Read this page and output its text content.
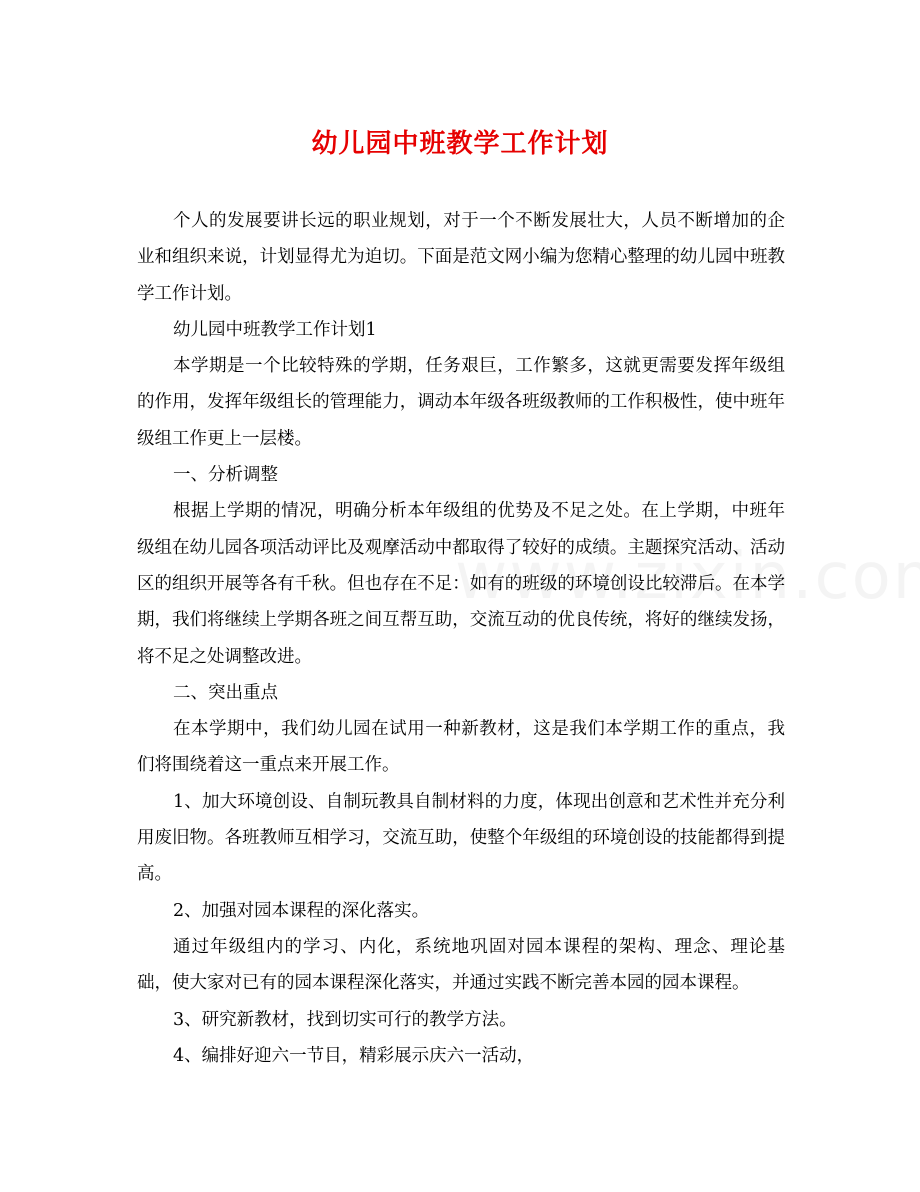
幼儿园中班教学工作计划

个人的发展要讲长远的职业规划，对于一个不断发展壮大，人员不断增加的企业和组织来说，计划显得尤为迫切。下面是范文网小编为您精心整理的幼儿园中班教学工作计划。

幼儿园中班教学工作计划1

本学期是一个比较特殊的学期，任务艰巨，工作繁多，这就更需要发挥年级组的作用，发挥年级组长的管理能力，调动本年级各班级教师的工作积极性，使中班年级组工作更上一层楼。

一、分析调整

根据上学期的情况，明确分析本年级组的优势及不足之处。在上学期，中班年级组在幼儿园各项活动评比及观摩活动中都取得了较好的成绩。主题探究活动、活动区的组织开展等各有千秋。但也存在不足：如有的班级的环境创设比较滞后。在本学期，我们将继续上学期各班之间互帮互助，交流互动的优良传统，将好的继续发扬，将不足之处调整改进。

二、突出重点

在本学期中，我们幼儿园在试用一种新教材，这是我们本学期工作的重点，我们将围绕着这一重点来开展工作。

1、加大环境创设、自制玩教具自制材料的力度，体现出创意和艺术性并充分利用废旧物。各班教师互相学习，交流互助，使整个年级组的环境创设的技能都得到提高。

2、加强对园本课程的深化落实。

通过年级组内的学习、内化，系统地巩固对园本课程的架构、理念、理论基础，使大家对已有的园本课程深化落实，并通过实践不断完善本园的园本课程。

3、研究新教材，找到切实可行的教学方法。

4、编排好迎六一节目，精彩展示庆六一活动，
